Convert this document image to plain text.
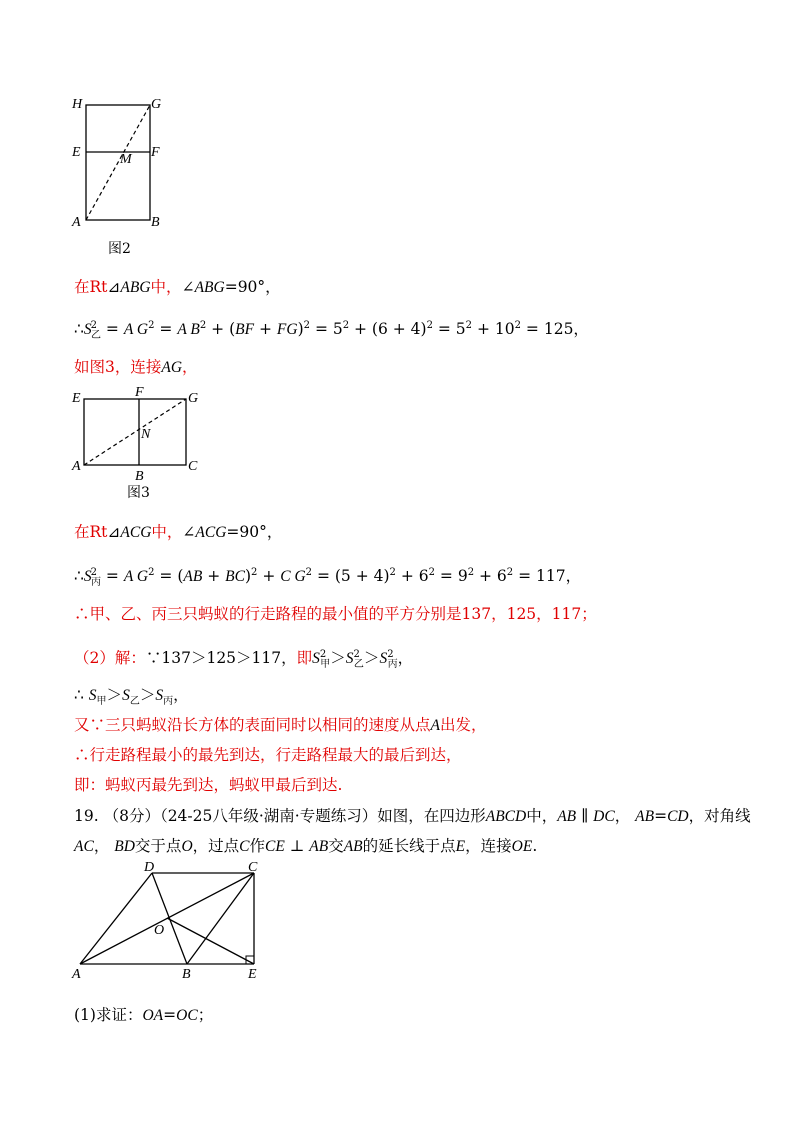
H	G
E	F
M
A	B
图2
在Rt⊿ABG中，∠ABG=90°，
$\therefore S^2_乙 = A$ $G^2 = A$ $B^2 + (BF + FG)^2 = 5^2 + (6 + 4)^2 = 5^2 + 10^2 = 125$，
如图3，连接AG，
E	F	G
N
A
B
C
图3
在Rt⊿ACG中，∠ACG=90°，
$\therefore S^2_丙 = A$ $G^2 = (AB + BC)^2 + C$ $G^2 = (5 + 4)^2 + 6^2 = 9^2 + 6^2 = 117$，
∴甲、乙、丙三只蚂蚁的行走路程的最小值的平方分别是137，125，117；
（2）解：∵137＞125＞117，即$S^2_甲>S^2_乙>S^2_丙$，
∴ $S_甲>S_乙>S_丙$，
又∵三只蚂蚁沿长方体的表面同时以相同的速度从点A出发，
∴行走路程最小的最先到达，行走路程最大的最后到达，
即：蚂蚁丙最先到达，蚂蚁甲最后到达.
19. （8分）（24-25八年级·湖南·专题练习）如图，在四边形ABCD中，AB ∥ DC， AB=CD，对角线
AC， BD交于点O，过点C作CE ⊥ AB交AB的延长线于点E，连接OE.
D	C
O
A	B	E
(1)求证：OA=OC；
